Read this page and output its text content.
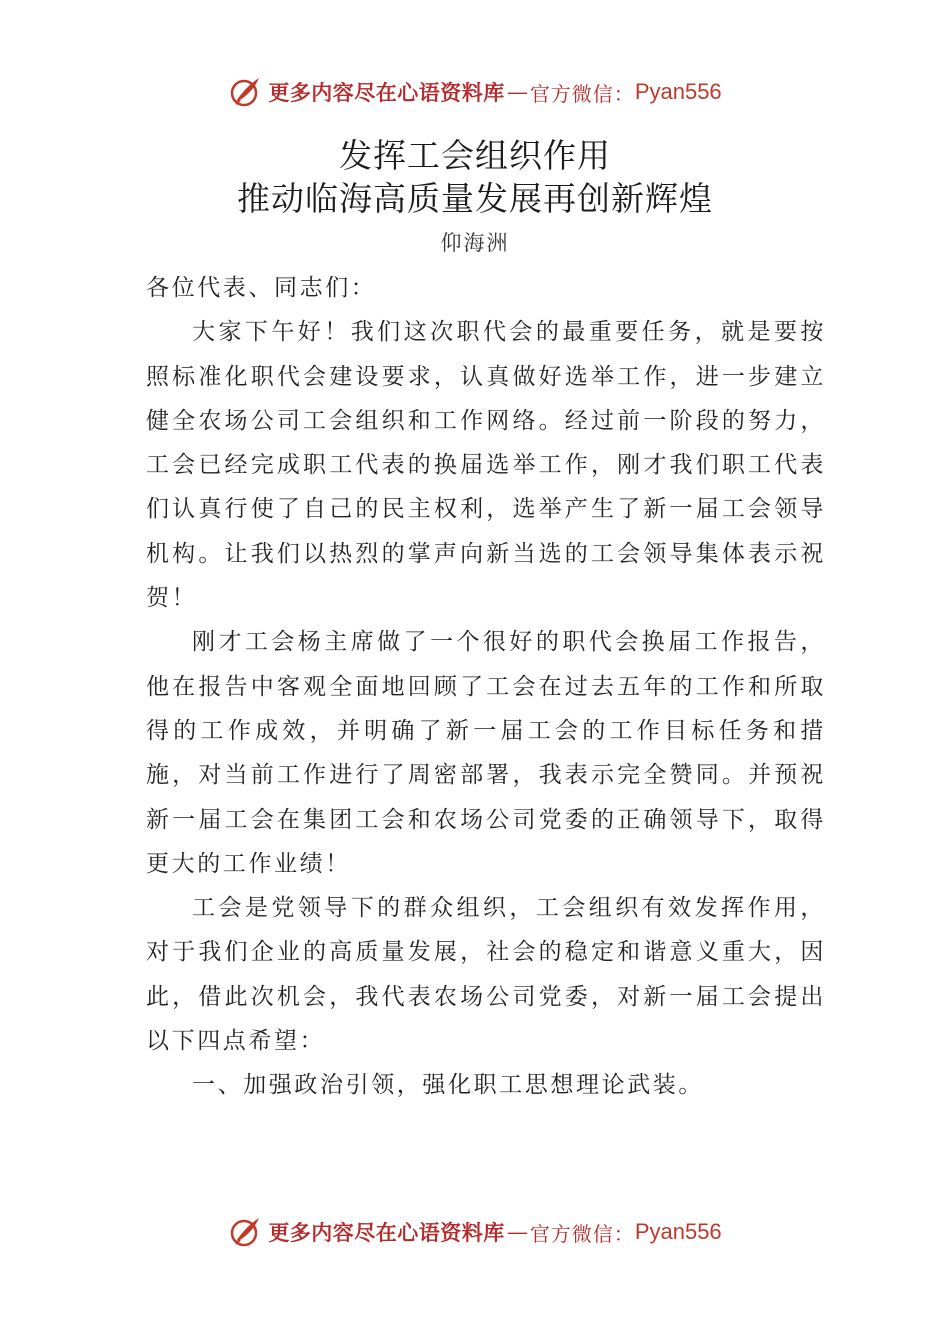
更多内容尽在心语资料库 — 官方微信： Pyan556
发挥工会组织作用
推动临海高质量发展再创新辉煌
仰海洲

各位代表、同志们：

大家下午好！我们这次职代会的最重要任务，就是要按照标准化职代会建设要求，认真做好选举工作，进一步建立健全农场公司工会组织和工作网络。经过前一阶段的努力， 工会已经完成职工代表的换届选举工作，刚才我们职工代表们认真行使了自己的民主权利，选举产生了新一届工会领导机构。让我们以热烈的掌声向新当选的工会领导集体表示祝贺！

刚才工会杨主席做了一个很好的职代会换届工作报告，他在报告中客观全面地回顾了工会在过去五年的工作和所取得的工作成效，并明确了新一届工会的工作目标任务和措施，对当前工作进行了周密部署，我表示完全赞同。并预祝新一届工会在集团工会和农场公司党委的正确领导下，取得更大的工作业绩！

工会是党领导下的群众组织，工会组织有效发挥作用，对于我们企业的高质量发展，社会的稳定和谐意义重大，因此，借此次机会，我代表农场公司党委，对新一届工会提出以下四点希望：

一、加强政治引领，强化职工思想理论武装。

更多内容尽在心语资料库 — 官方微信： Pyan556
